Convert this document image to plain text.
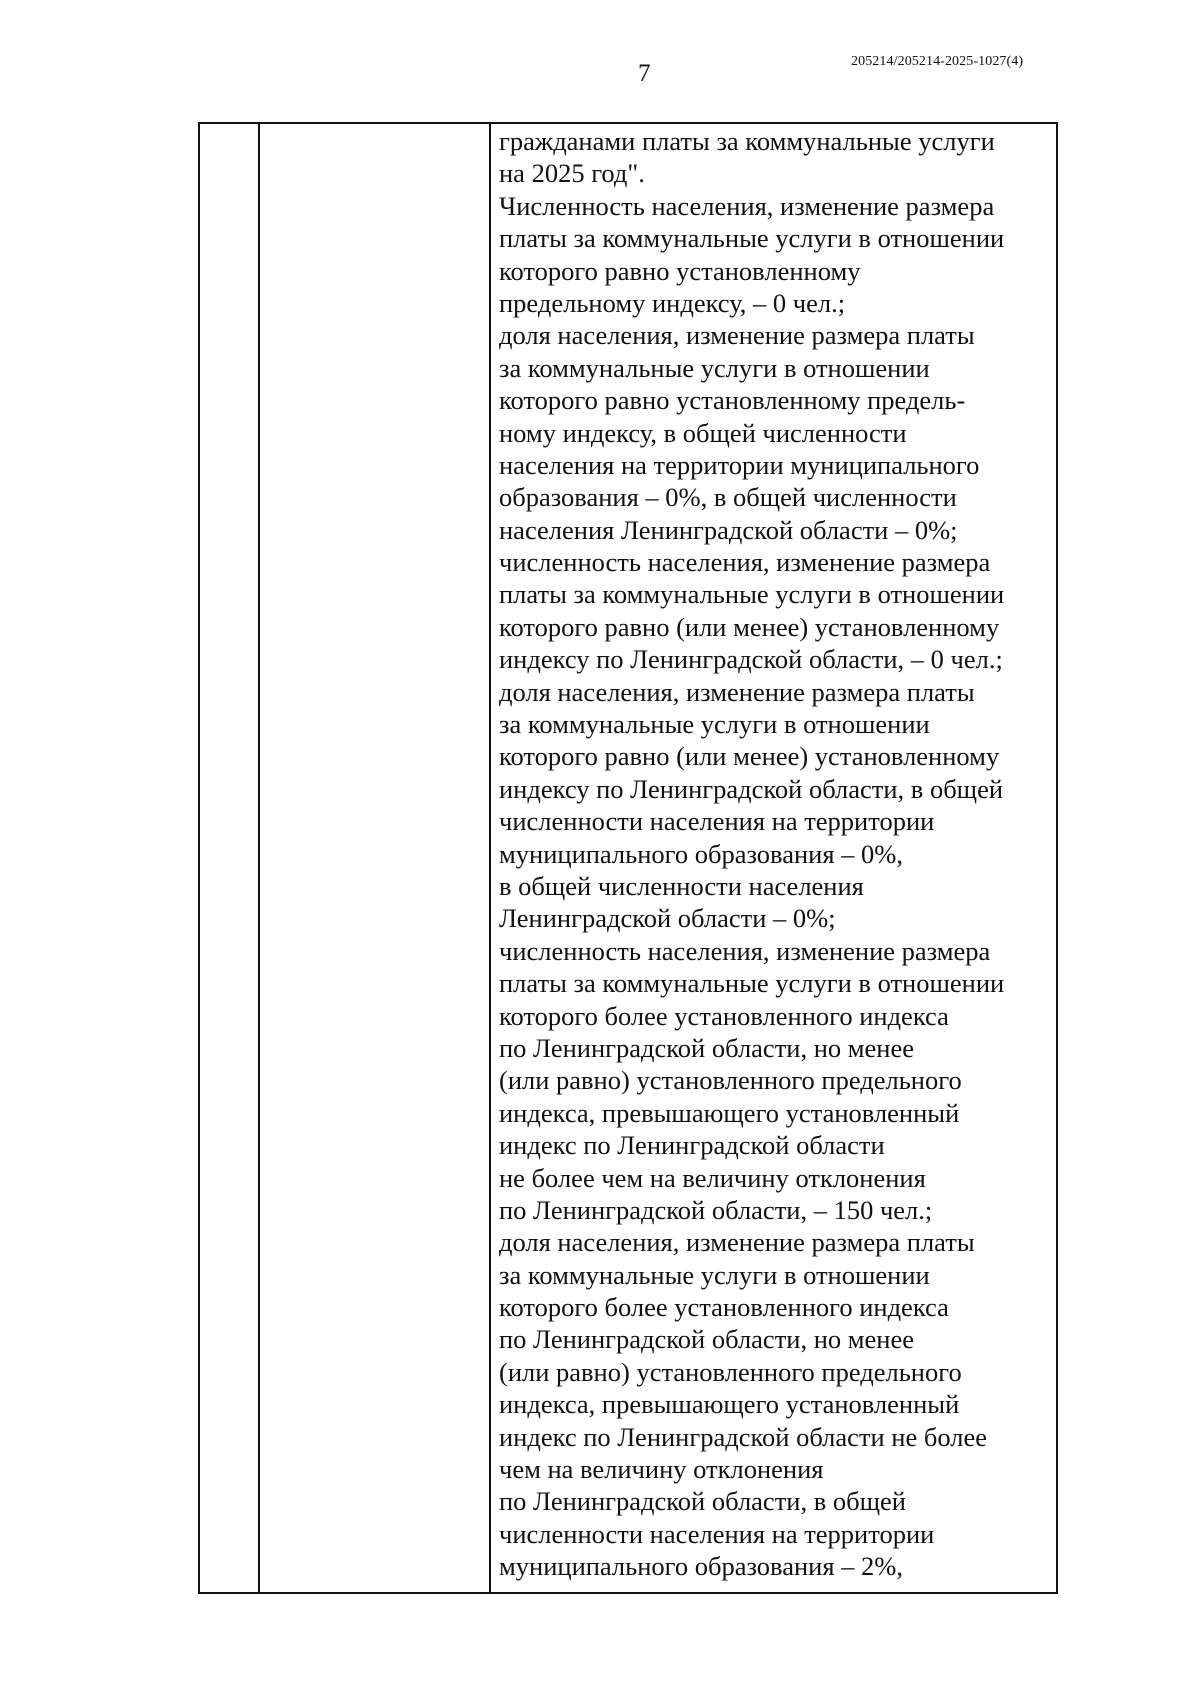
7	205214/205214-2025-1027(4)
гражданами платы за коммунальные услуги
на 2025 год".
Численность населения, изменение размера
платы за коммунальные услуги в отношении
которого равно установленному
предельному индексу, – 0 чел.;
доля населения, изменение размера платы
за коммунальные услуги в отношении
которого равно установленному предель-
ному индексу, в общей численности
населения на территории муниципального
образования – 0%, в общей численности
населения Ленинградской области – 0%;
численность населения, изменение размера
платы за коммунальные услуги в отношении
которого равно (или менее) установленному
индексу по Ленинградской области, – 0 чел.;
доля населения, изменение размера платы
за коммунальные услуги в отношении
которого равно (или менее) установленному
индексу по Ленинградской области, в общей
численности населения на территории
муниципального образования – 0%,
в общей численности населения
Ленинградской области – 0%;
численность населения, изменение размера
платы за коммунальные услуги в отношении
которого более установленного индекса
по Ленинградской области, но менее
(или равно) установленного предельного
индекса, превышающего установленный
индекс по Ленинградской области
не более чем на величину отклонения
по Ленинградской области, – 150 чел.;
доля населения, изменение размера платы
за коммунальные услуги в отношении
которого более установленного индекса
по Ленинградской области, но менее
(или равно) установленного предельного
индекса, превышающего установленный
индекс по Ленинградской области не более
чем на величину отклонения
по Ленинградской области, в общей
численности населения на территории
муниципального образования – 2%,
